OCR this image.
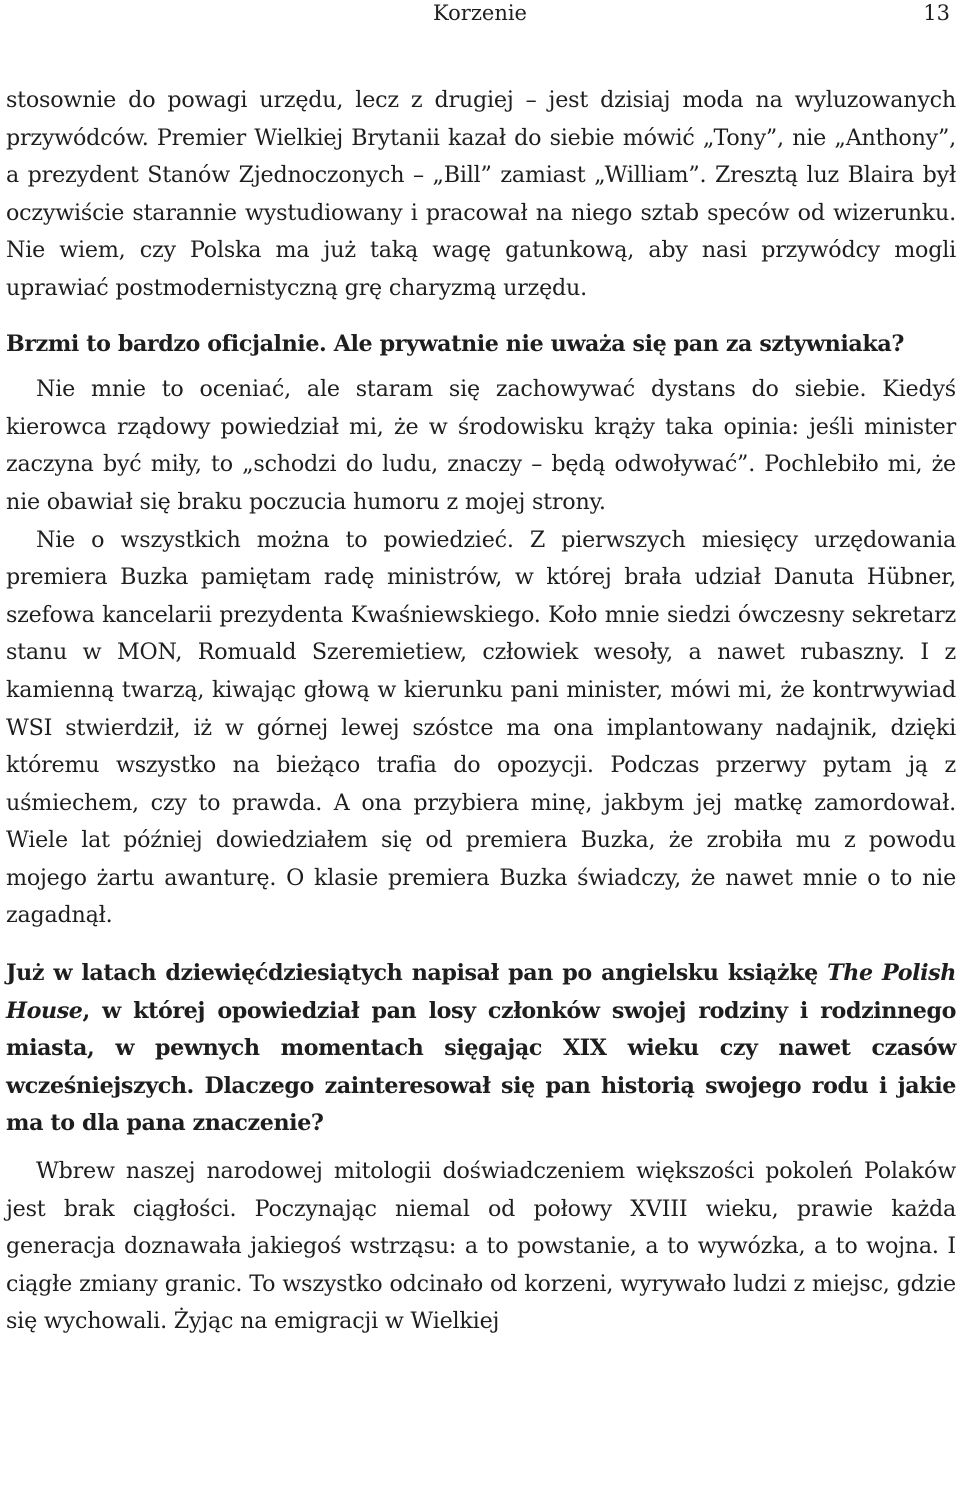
Korzenie	13

stosownie do powagi urzędu, lecz z drugiej – jest dzisiaj moda na wyluzowanych przywódców. Premier Wielkiej Brytanii kazał do siebie mówić „Tony”, nie „Anthony”, a prezydent Stanów Zjednoczonych – „Bill” zamiast „William”. Zresztą luz Blaira był oczywiście starannie wystudiowany i pracował na niego sztab speców od wizerunku. Nie wiem, czy Polska ma już taką wagę gatunkową, aby nasi przywódcy mogli uprawiać postmodernistyczną grę charyzmą urzędu.

Brzmi to bardzo oficjalnie. Ale prywatnie nie uważa się pan za sztywniaka?

Nie mnie to oceniać, ale staram się zachowywać dystans do siebie. Kiedyś kierowca rządowy powiedział mi, że w środowisku krąży taka opinia: jeśli minister zaczyna być miły, to „schodzi do ludu, znaczy – będą odwoływać”. Pochlebiło mi, że nie obawiał się braku poczucia humoru z mojej strony.

Nie o wszystkich można to powiedzieć. Z pierwszych miesięcy urzędowania premiera Buzka pamiętam radę ministrów, w której brała udział Danuta Hübner, szefowa kancelarii prezydenta Kwaśniewskiego. Koło mnie siedzi ówczesny sekretarz stanu w MON, Romuald Szeremietiew, człowiek wesoły, a nawet rubaszny. I z kamienną twarzą, kiwając głową w kierunku pani minister, mówi mi, że kontrwywiad WSI stwierdził, iż w górnej lewej szóstce ma ona implantowany nadajnik, dzięki któremu wszystko na bieżąco trafia do opozycji. Podczas przerwy pytam ją z uśmiechem, czy to prawda. A ona przybiera minę, jakbym jej matkę zamordował. Wiele lat później dowiedziałem się od premiera Buzka, że zrobiła mu z powodu mojego żartu awanturę. O klasie premiera Buzka świadczy, że nawet mnie o to nie zagadnął.

Już w latach dziewięćdziesiątych napisał pan po angielsku książkę The Polish House, w której opowiedział pan losy członków swojej rodziny i rodzinnego miasta, w pewnych momentach sięgając XIX wieku czy nawet czasów wcześniejszych. Dlaczego zainteresował się pan historią swojego rodu i jakie ma to dla pana znaczenie?

Wbrew naszej narodowej mitologii doświadczeniem większości pokoleń Polaków jest brak ciągłości. Poczynając niemal od połowy XVIII wieku, prawie każda generacja doznawała jakiegoś wstrząsu: a to powstanie, a to wywózka, a to wojna. I ciągłe zmiany granic. To wszystko odcinało od korzeni, wyrywało ludzi z miejsc, gdzie się wychowali. Żyjąc na emigracji w Wielkiej
